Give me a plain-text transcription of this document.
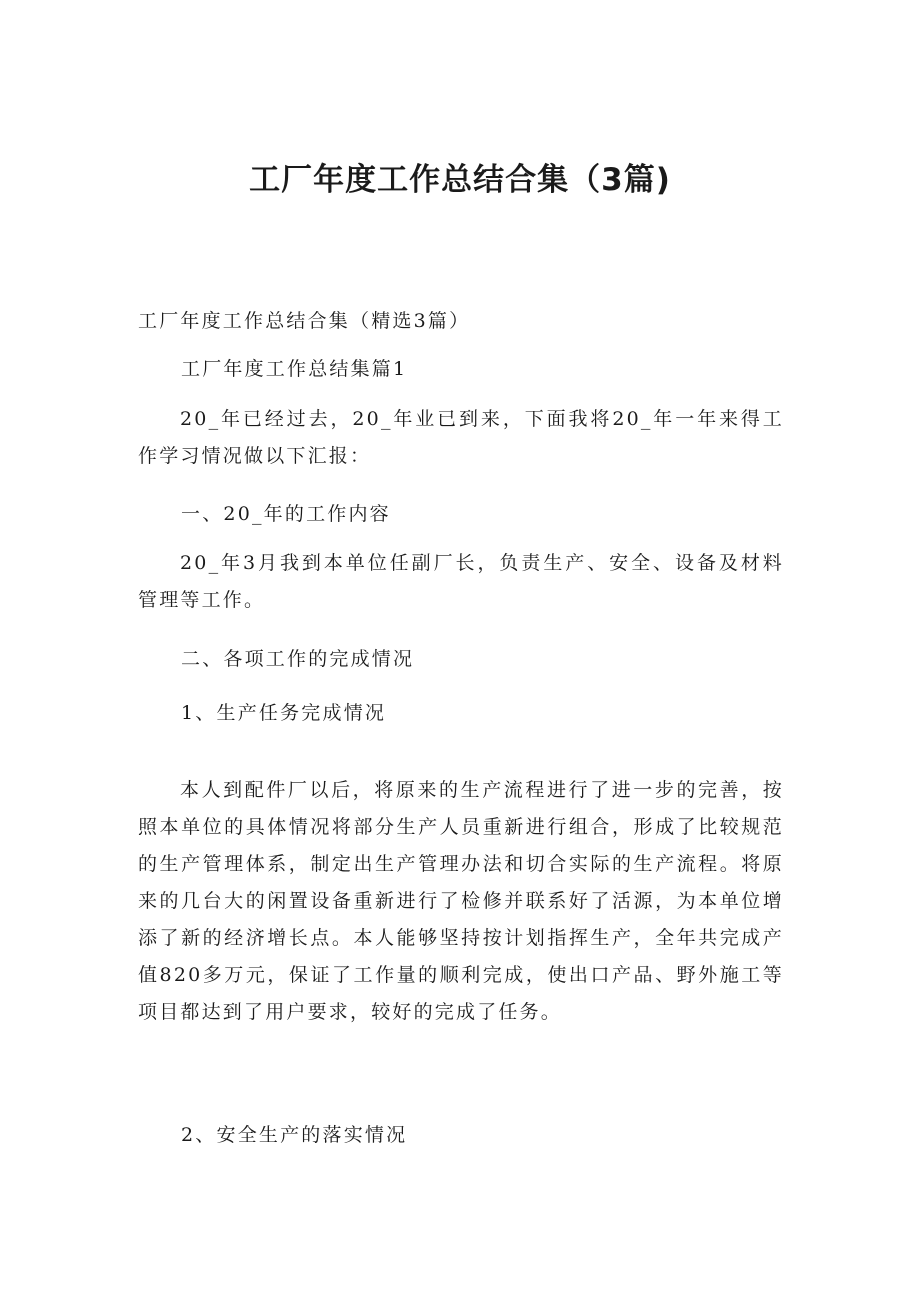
工厂年度工作总结合集（3篇)

工厂年度工作总结合集（精选3篇）

工厂年度工作总结集篇1

20_年已经过去，20_年业已到来，下面我将20_年一年来得工作学习情况做以下汇报：

一、20_年的工作内容

20_年3月我到本单位任副厂长，负责生产、安全、设备及材料管理等工作。

二、各项工作的完成情况

1、生产任务完成情况

本人到配件厂以后，将原来的生产流程进行了进一步的完善，按照本单位的具体情况将部分生产人员重新进行组合，形成了比较规范的生产管理体系，制定出生产管理办法和切合实际的生产流程。将原来的几台大的闲置设备重新进行了检修并联系好了活源，为本单位增添了新的经济增长点。本人能够坚持按计划指挥生产，全年共完成产值820多万元，保证了工作量的顺利完成，使出口产品、野外施工等项目都达到了用户要求，较好的完成了任务。

2、安全生产的落实情况
